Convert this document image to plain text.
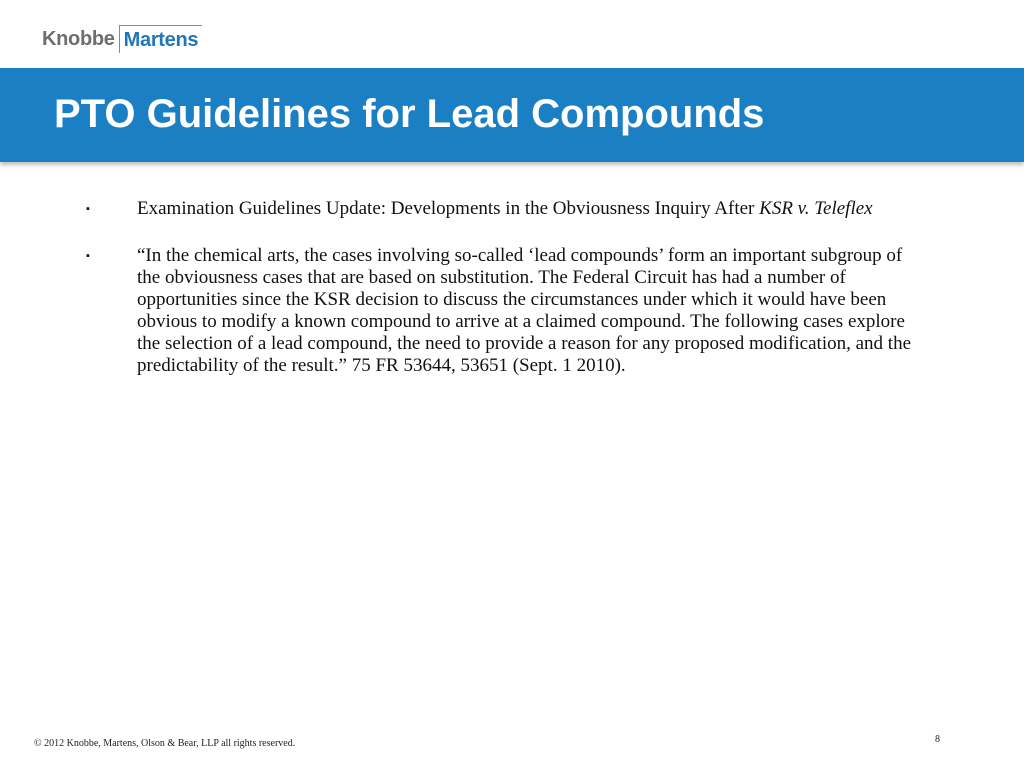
Knobbe Martens
PTO Guidelines for Lead Compounds
▪ Examination Guidelines Update: Developments in the Obviousness Inquiry After KSR v. Teleflex
▪ “In the chemical arts, the cases involving so-called ‘lead compounds’ form an important subgroup of the obviousness cases that are based on substitution. The Federal Circuit has had a number of opportunities since the KSR decision to discuss the circumstances under which it would have been obvious to modify a known compound to arrive at a claimed compound. The following cases explore the selection of a lead compound, the need to provide a reason for any proposed modification, and the predictability of the result.” 75 FR 53644, 53651 (Sept. 1 2010).
© 2012 Knobbe, Martens, Olson & Bear, LLP all rights reserved.	8
